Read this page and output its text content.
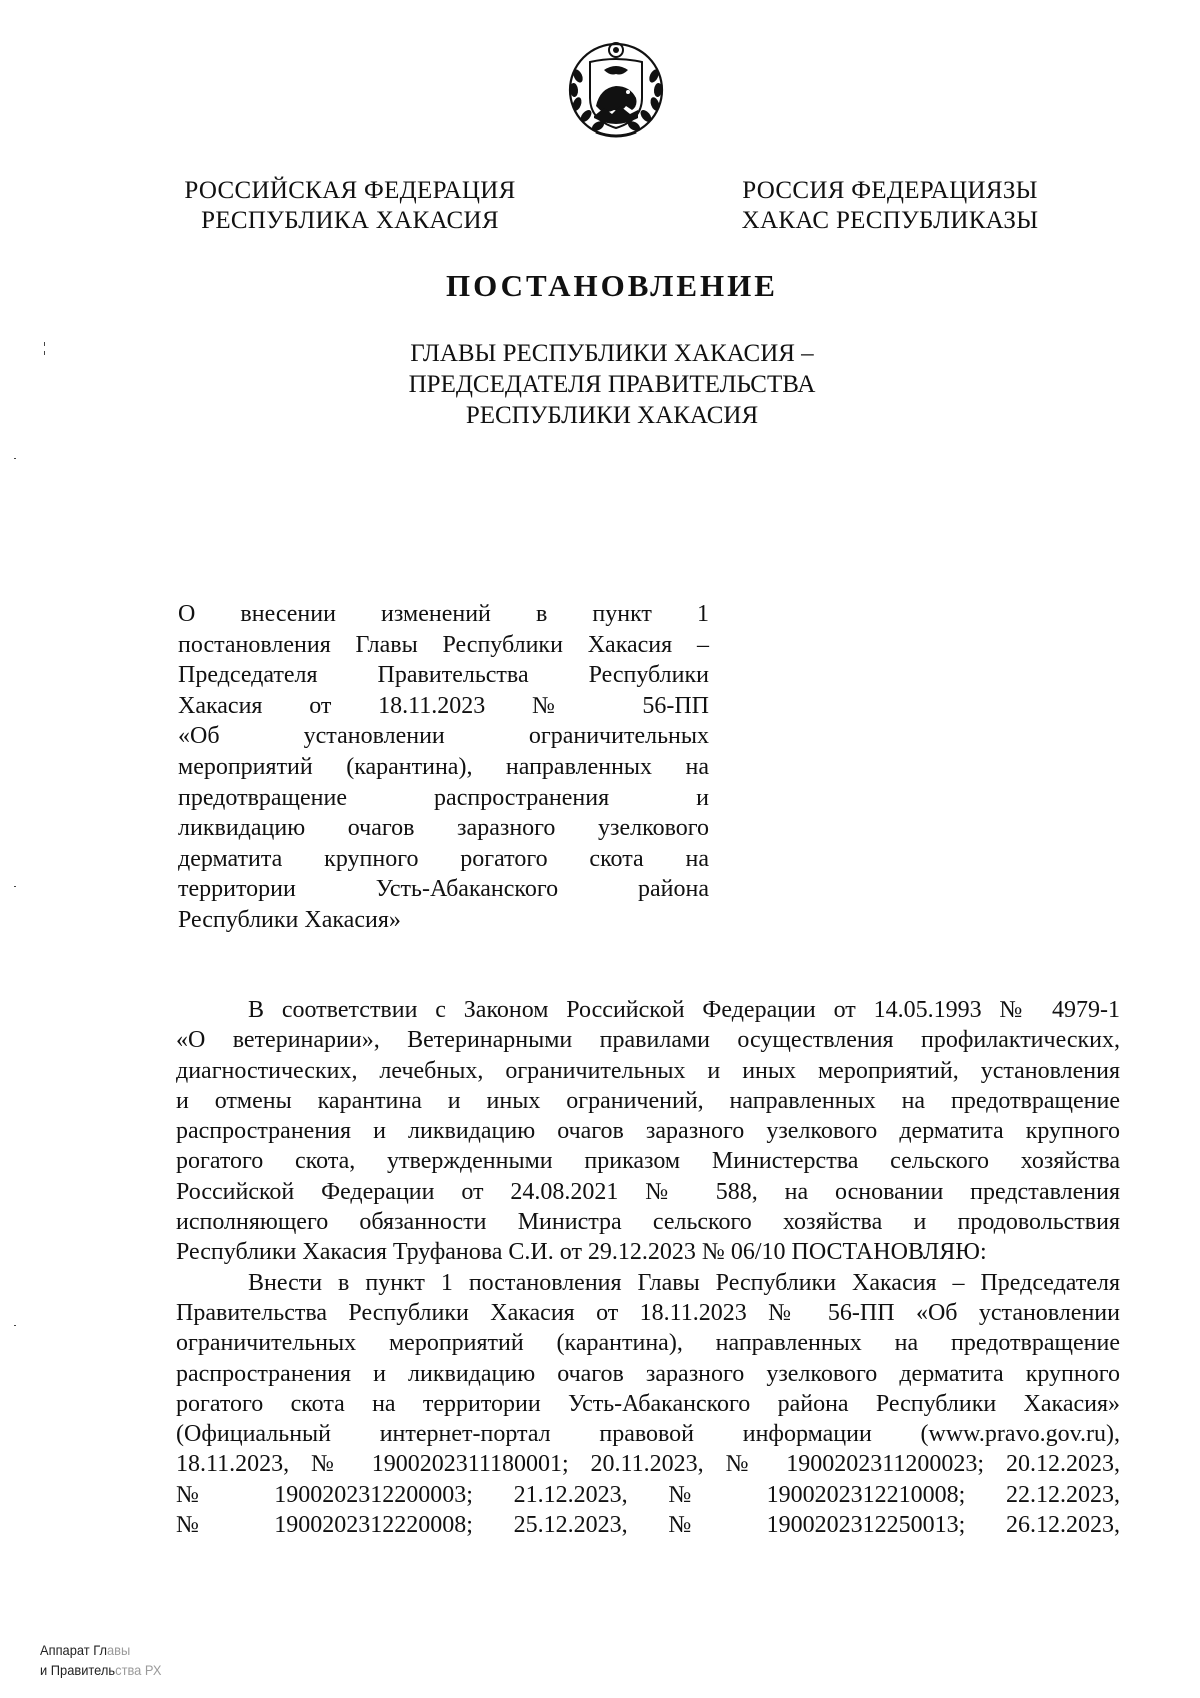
РОССИЙСКАЯ ФЕДЕРАЦИЯ
РЕСПУБЛИКА ХАКАСИЯ
РОССИЯ ФЕДЕРАЦИЯЗЫ
ХАКАС РЕСПУБЛИКАЗЫ
ПОСТАНОВЛЕНИЕ
ГЛАВЫ РЕСПУБЛИКИ ХАКАСИЯ –
ПРЕДСЕДАТЕЛЯ ПРАВИТЕЛЬСТВА
РЕСПУБЛИКИ ХАКАСИЯ
О внесении изменений в пункт 1
постановления Главы Республики Хакасия –
Председателя Правительства Республики
Хакасия от 18.11.2023 № 56-ПП
«Об установлении ограничительных
мероприятий (карантина), направленных на
предотвращение распространения и
ликвидацию очагов заразного узелкового
дерматита крупного рогатого скота на
территории Усть-Абаканского района
Республики Хакасия»
В соответствии с Законом Российской Федерации от 14.05.1993 № 4979-1
«О ветеринарии», Ветеринарными правилами осуществления профилактических,
диагностических, лечебных, ограничительных и иных мероприятий, установления
и отмены карантина и иных ограничений, направленных на предотвращение
распространения и ликвидацию очагов заразного узелкового дерматита крупного
рогатого скота, утвержденными приказом Министерства сельского хозяйства
Российской Федерации от 24.08.2021 № 588, на основании представления
исполняющего обязанности Министра сельского хозяйства и продовольствия
Республики Хакасия Труфанова С.И. от 29.12.2023 № 06/10 ПОСТАНОВЛЯЮ:
Внести в пункт 1 постановления Главы Республики Хакасия – Председателя
Правительства Республики Хакасия от 18.11.2023 № 56-ПП «Об установлении
ограничительных мероприятий (карантина), направленных на предотвращение
распространения и ликвидацию очагов заразного узелкового дерматита крупного
рогатого скота на территории Усть-Абаканского района Республики Хакасия»
(Официальный интернет-портал правовой информации (www.pravo.gov.ru),
18.11.2023, № 1900202311180001; 20.11.2023, № 1900202311200023; 20.12.2023,
№ 1900202312200003; 21.12.2023, № 1900202312210008; 22.12.2023,
№ 1900202312220008; 25.12.2023, № 1900202312250013; 26.12.2023,
Аппарат Главы
и Правительства РХ
